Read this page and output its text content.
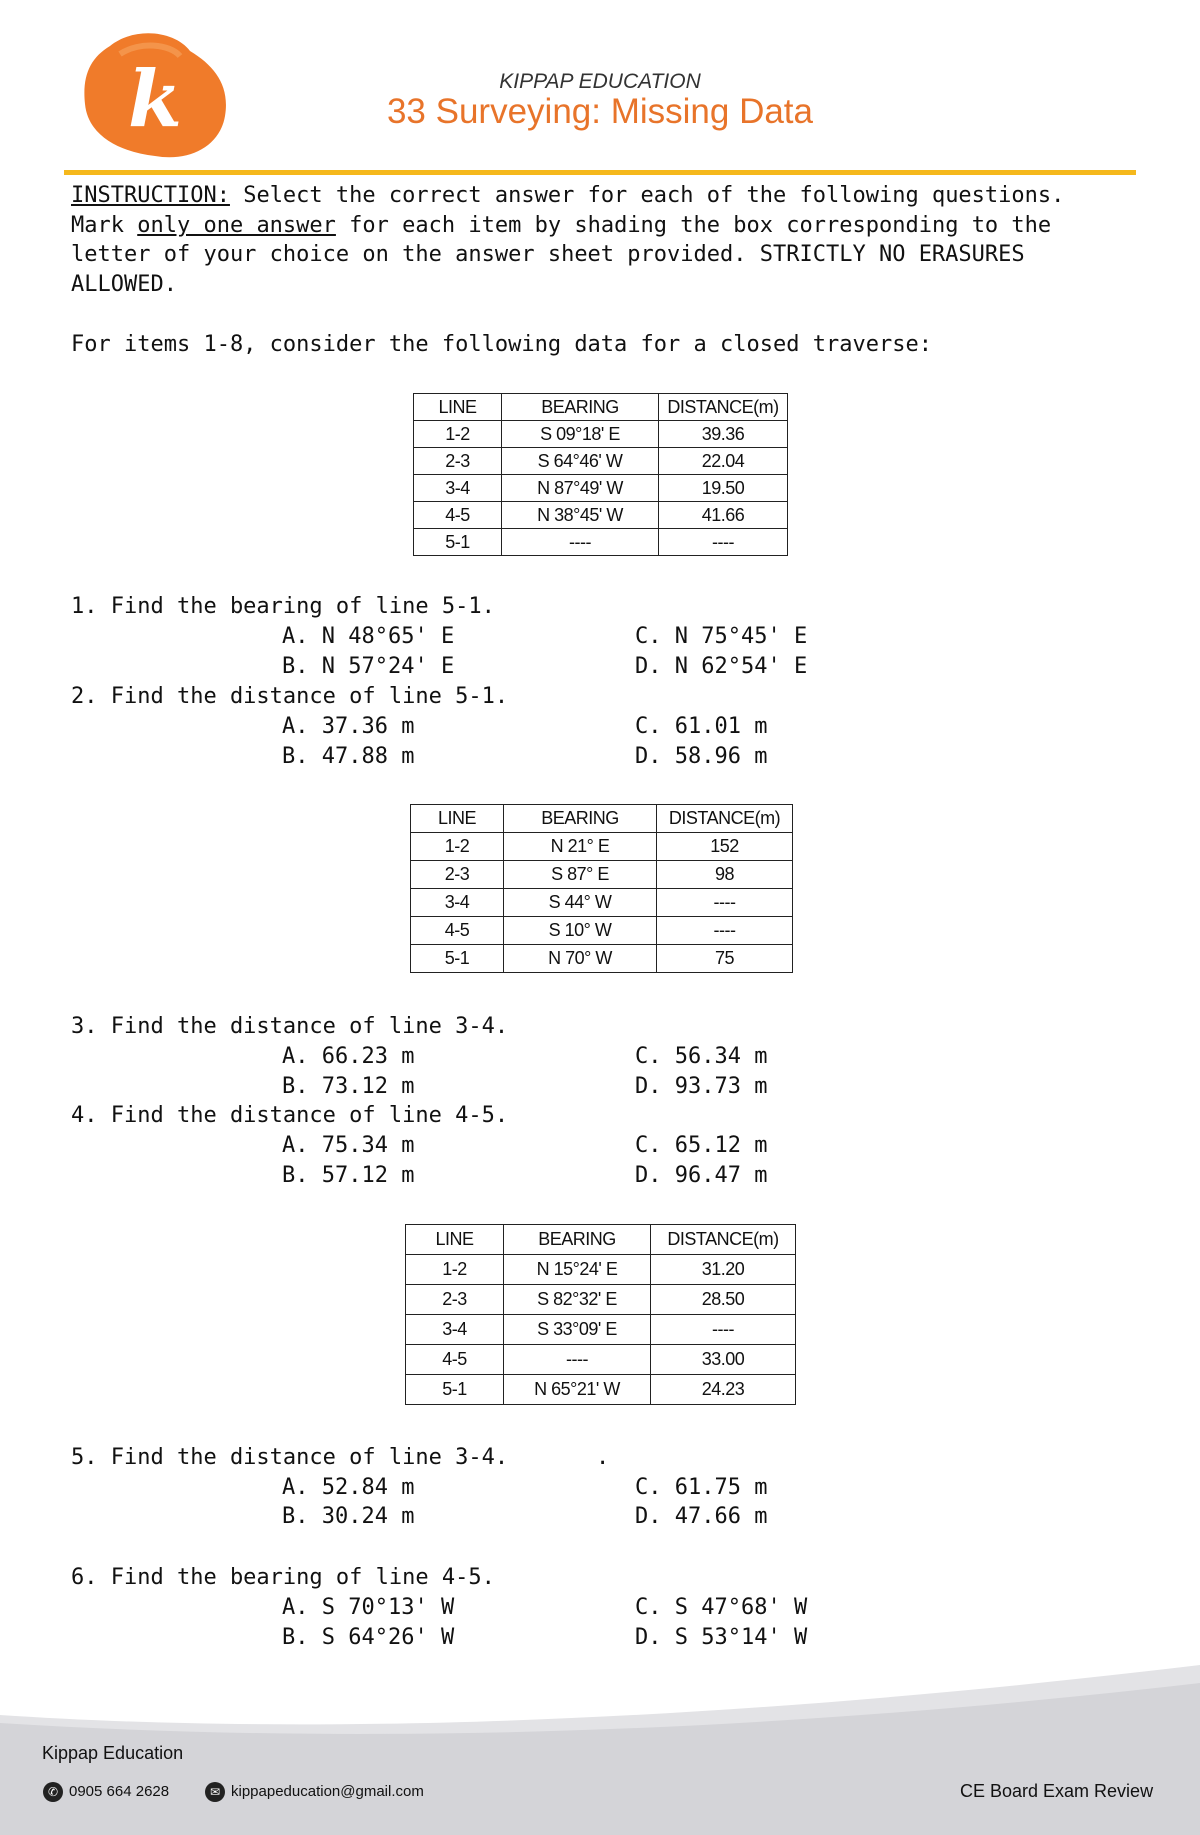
k	KIPPAP EDUCATION
33 Surveying: Missing Data
INSTRUCTION: Select the correct answer for each of the following questions.
Mark only one answer for each item by shading the box corresponding to the
letter of your choice on the answer sheet provided. STRICTLY NO ERASURES
ALLOWED.
For items 1-8, consider the following data for a closed traverse:
LINE	BEARING	DISTANCE(m)
1-2	S 09°18' E	39.36
2-3	S 64°46' W	22.04
3-4	N 87°49' W	19.50
4-5	N 38°45' W	41.66
5-1	----	----
1. Find the bearing of line 5-1.
A. N 48°65' E	C. N 75°45' E
B. N 57°24' E	D. N 62°54' E
2. Find the distance of line 5-1.
A. 37.36 m	C. 61.01 m
B. 47.88 m	D. 58.96 m
LINE	BEARING	DISTANCE(m)
1-2	N 21° E	152
2-3	S 87° E	98
3-4	S 44° W	----
4-5	S 10° W	----
5-1	N 70° W	75
3. Find the distance of line 3-4.
A. 66.23 m	C. 56.34 m
B. 73.12 m	D. 93.73 m
4. Find the distance of line 4-5.
A. 75.34 m	C. 65.12 m
B. 57.12 m	D. 96.47 m
LINE	BEARING	DISTANCE(m)
1-2	N 15°24' E	31.20
2-3	S 82°32' E	28.50
3-4	S 33°09' E	----
4-5	----	33.00
5-1	N 65°21' W	24.23
5. Find the distance of line 3-4.	.
A. 52.84 m	C. 61.75 m
B. 30.24 m	D. 47.66 m
6. Find the bearing of line 4-5.
A. S 70°13' W	C. S 47°68' W
B. S 64°26' W	D. S 53°14' W
Kippap Education
✆ 0905 664 2628	✉ kippapeducation@gmail.com	CE Board Exam Review
